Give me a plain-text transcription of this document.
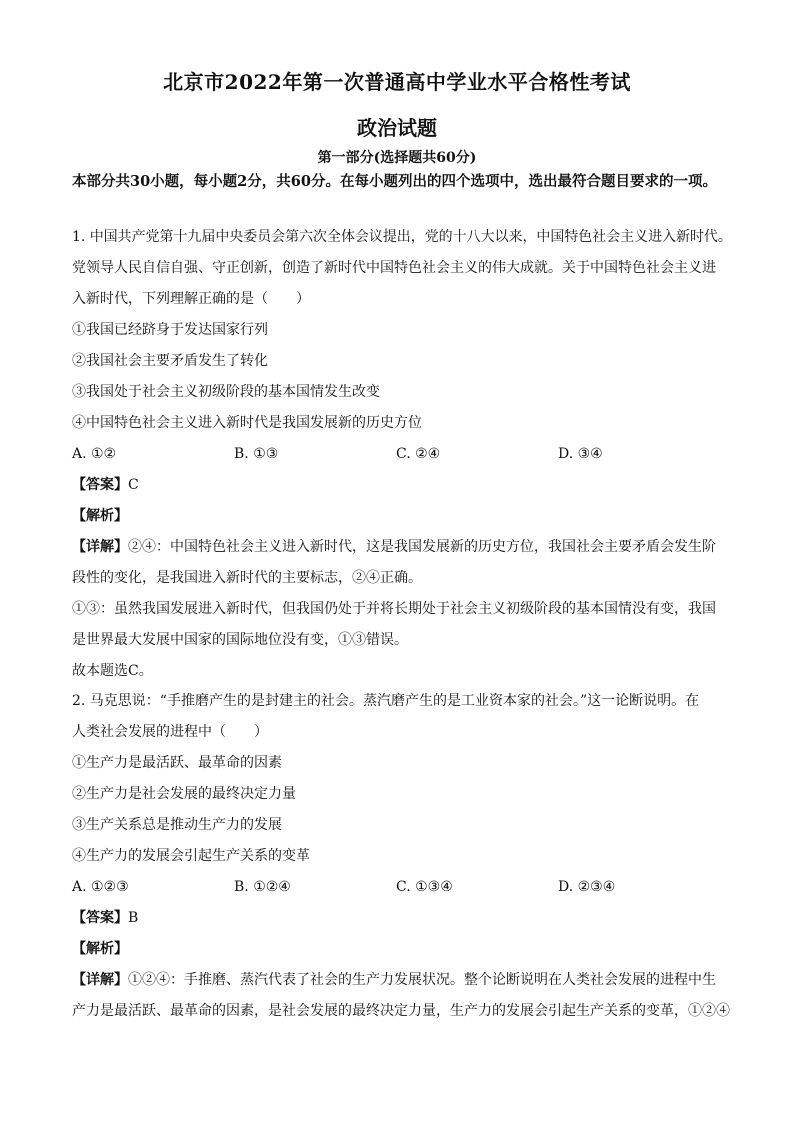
北京市2022年第一次普通高中学业水平合格性考试
政治试题
第一部分(选择题共60分)
本部分共30小题，每小题2分，共60分。在每小题列出的四个选项中，选出最符合题目要求的一项。
1. 中国共产党第十九届中央委员会第六次全体会议提出，党的十八大以来，中国特色社会主义进入新时代。
党领导人民自信自强、守正创新，创造了新时代中国特色社会主义的伟大成就。关于中国特色社会主义进
入新时代，下列理解正确的是（　　）
①我国已经跻身于发达国家行列
②我国社会主要矛盾发生了转化
③我国处于社会主义初级阶段的基本国情发生改变
④中国特色社会主义进入新时代是我国发展新的历史方位
A. ①②	B. ①③	C. ②④	D. ③④
【答案】C
【解析】
【详解】②④：中国特色社会主义进入新时代，这是我国发展新的历史方位，我国社会主要矛盾会发生阶
段性的变化，是我国进入新时代的主要标志，②④正确。
①③：虽然我国发展进入新时代，但我国仍处于并将长期处于社会主义初级阶段的基本国情没有变，我国
是世界最大发展中国家的国际地位没有变，①③错误。
故本题选C。
2. 马克思说：“手推磨产生的是封建主的社会。蒸汽磨产生的是工业资本家的社会。”这一论断说明。在
人类社会发展的进程中（　　）
①生产力是最活跃、最革命的因素
②生产力是社会发展的最终决定力量
③生产关系总是推动生产力的发展
④生产力的发展会引起生产关系的变革
A. ①②③	B. ①②④	C. ①③④	D. ②③④
【答案】B
【解析】
【详解】①②④：手推磨、蒸汽代表了社会的生产力发展状况。整个论断说明在人类社会发展的进程中生
产力是最活跃、最革命的因素，是社会发展的最终决定力量，生产力的发展会引起生产关系的变革，①②④
